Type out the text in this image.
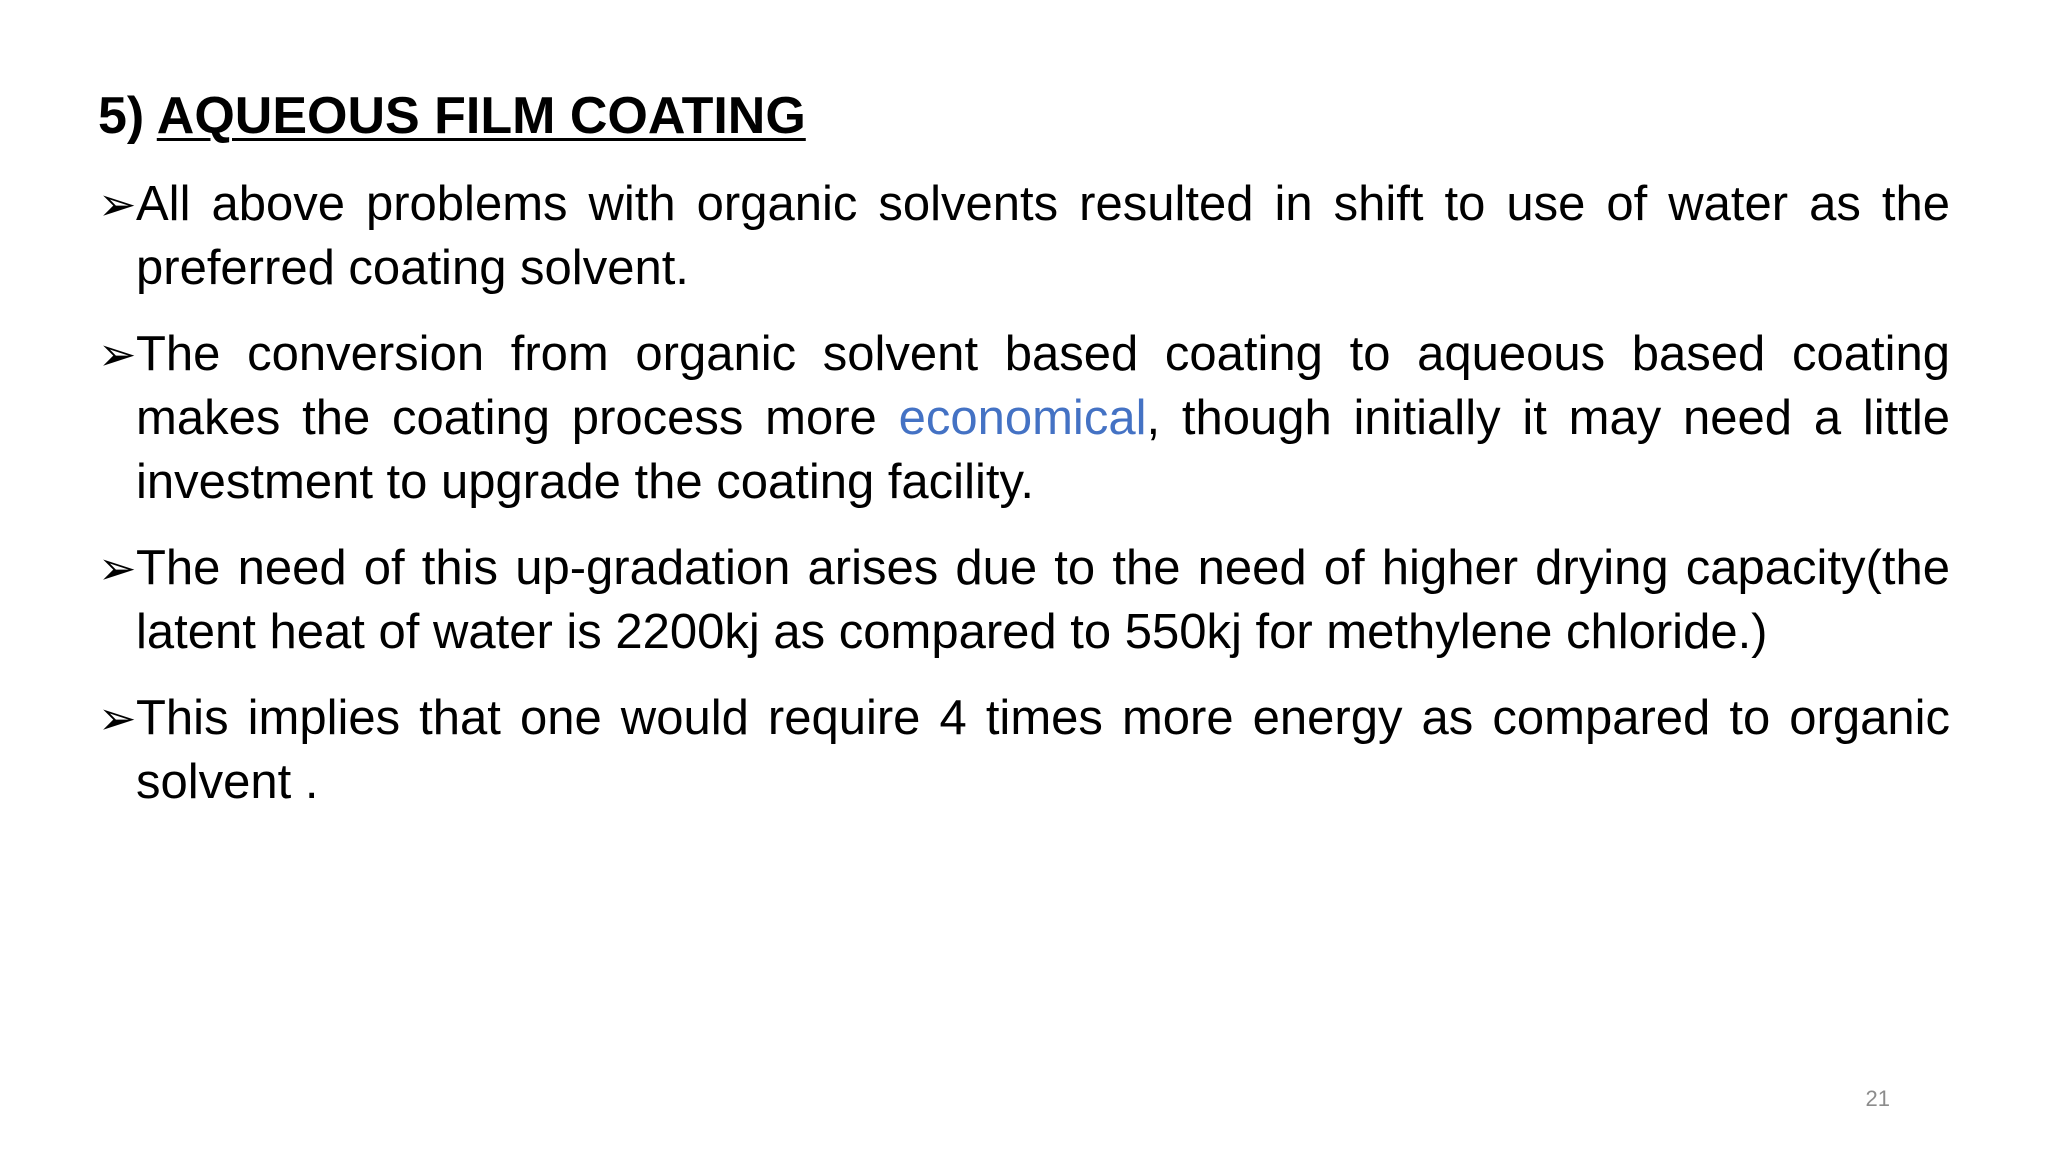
5) AQUEOUS FILM COATING
➢ All above problems with organic solvents resulted in shift to use of water as the preferred coating solvent.
➢ The conversion from organic solvent based coating to aqueous based coating makes the coating process more economical, though initially it may need a little investment to upgrade the coating facility.
➢ The need of this up-gradation arises due to the need of higher drying capacity(the latent heat of water is 2200kj as compared to 550kj for methylene chloride.)
➢ This implies that one would require 4 times more energy as compared to organic solvent .
21
